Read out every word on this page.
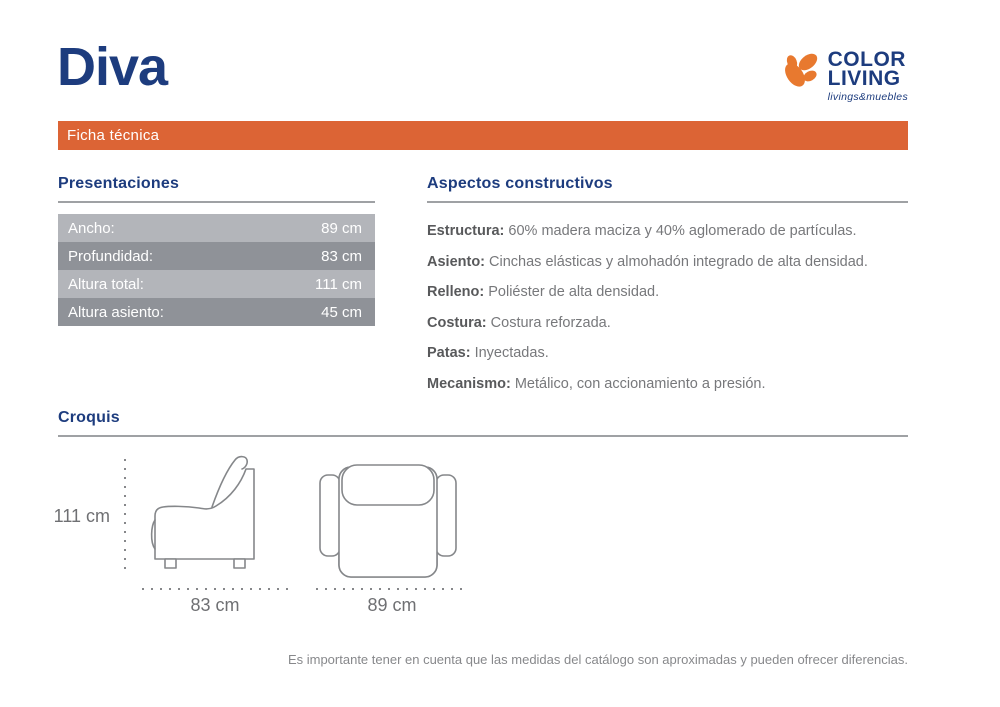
Diva	COLOR
LIVING
livings&muebles
Ficha técnica
Presentaciones
Ancho:	89 cm
Profundidad:	83 cm
Altura total:	111 cm
Altura asiento:	45 cm
Aspectos constructivos
Estructura: 60% madera maciza y 40% aglomerado de partículas.
Asiento: Cinchas elásticas y almohadón integrado de alta densidad.
Relleno: Poliéster de alta densidad.
Costura: Costura reforzada.
Patas: Inyectadas.
Mecanismo: Metálico, con accionamiento a presión.
Croquis
111 cm
83 cm	89 cm
Es importante tener en cuenta que las medidas del catálogo son aproximadas y pueden ofrecer diferencias.
